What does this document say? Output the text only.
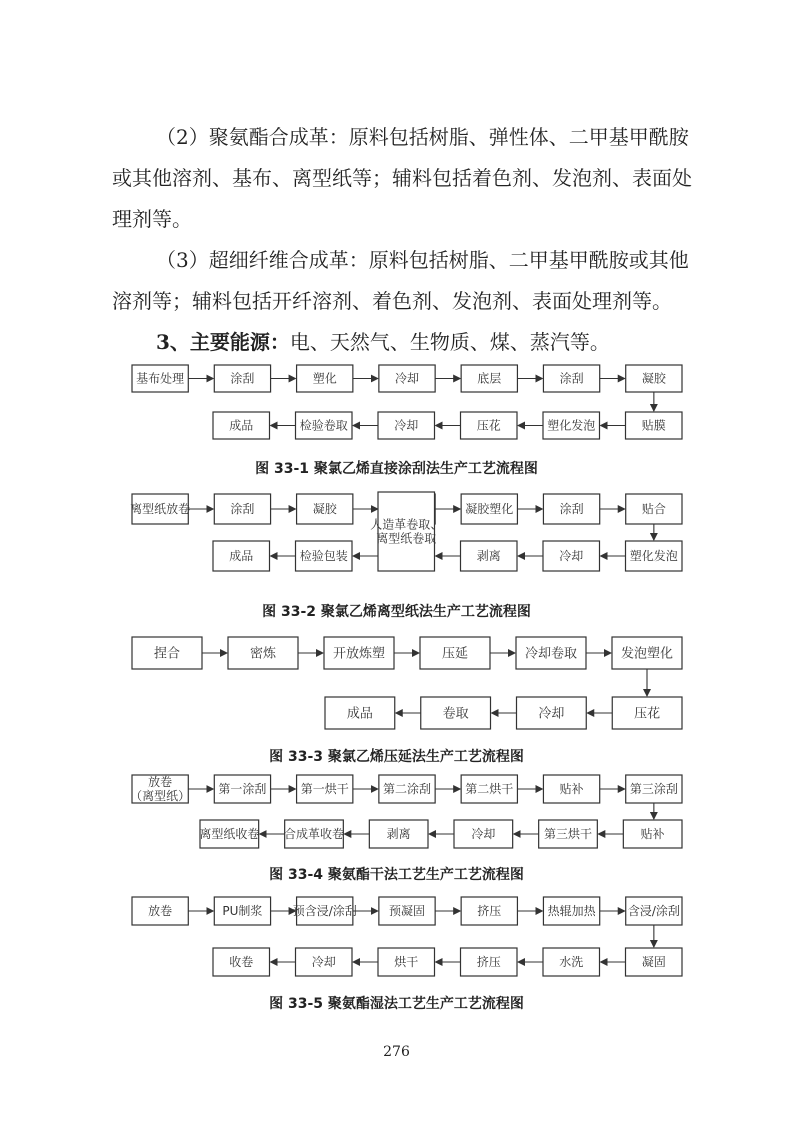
（2）聚氨酯合成革：原料包括树脂、弹性体、二甲基甲酰胺或其他溶剂、基布、离型纸等；辅料包括着色剂、发泡剂、表面处理剂等。

（3）超细纤维合成革：原料包括树脂、二甲基甲酰胺或其他溶剂等；辅料包括开纤溶剂、着色剂、发泡剂、表面处理剂等。

3、主要能源：电、天然气、生物质、煤、蒸汽等。

基布处理	涂刮	塑化	冷却	底层	涂刮	凝胶
成品	检验卷取	冷却	压花	塑化发泡	贴膜
离型纸放卷	涂刮	凝胶	凝胶塑化	涂刮	贴合
成品	检验包装
人造革卷取、
离型纸卷取
剥离	冷却	塑化发泡
捏合	密炼	开放炼塑	压延	冷却卷取	发泡塑化
成品	卷取	冷却	压花
放卷
（离型纸） 第一涂刮	第一烘干	第二涂刮	第二烘干	贴补	第三涂刮
离型纸收卷 合成革收卷	剥离	冷却	第三烘干	贴补
放卷	PU制浆	预含浸/涂刮	预凝固	挤压	热辊加热	含浸/涂刮
收卷	冷却	烘干	挤压	水洗	凝固
图 33-1 聚氯乙烯直接涂刮法生产工艺流程图
图 33-2 聚氯乙烯离型纸法生产工艺流程图
图 33-3 聚氯乙烯压延法生产工艺流程图
图 33-4 聚氨酯干法工艺生产工艺流程图
图 33-5 聚氨酯湿法工艺生产工艺流程图
276
